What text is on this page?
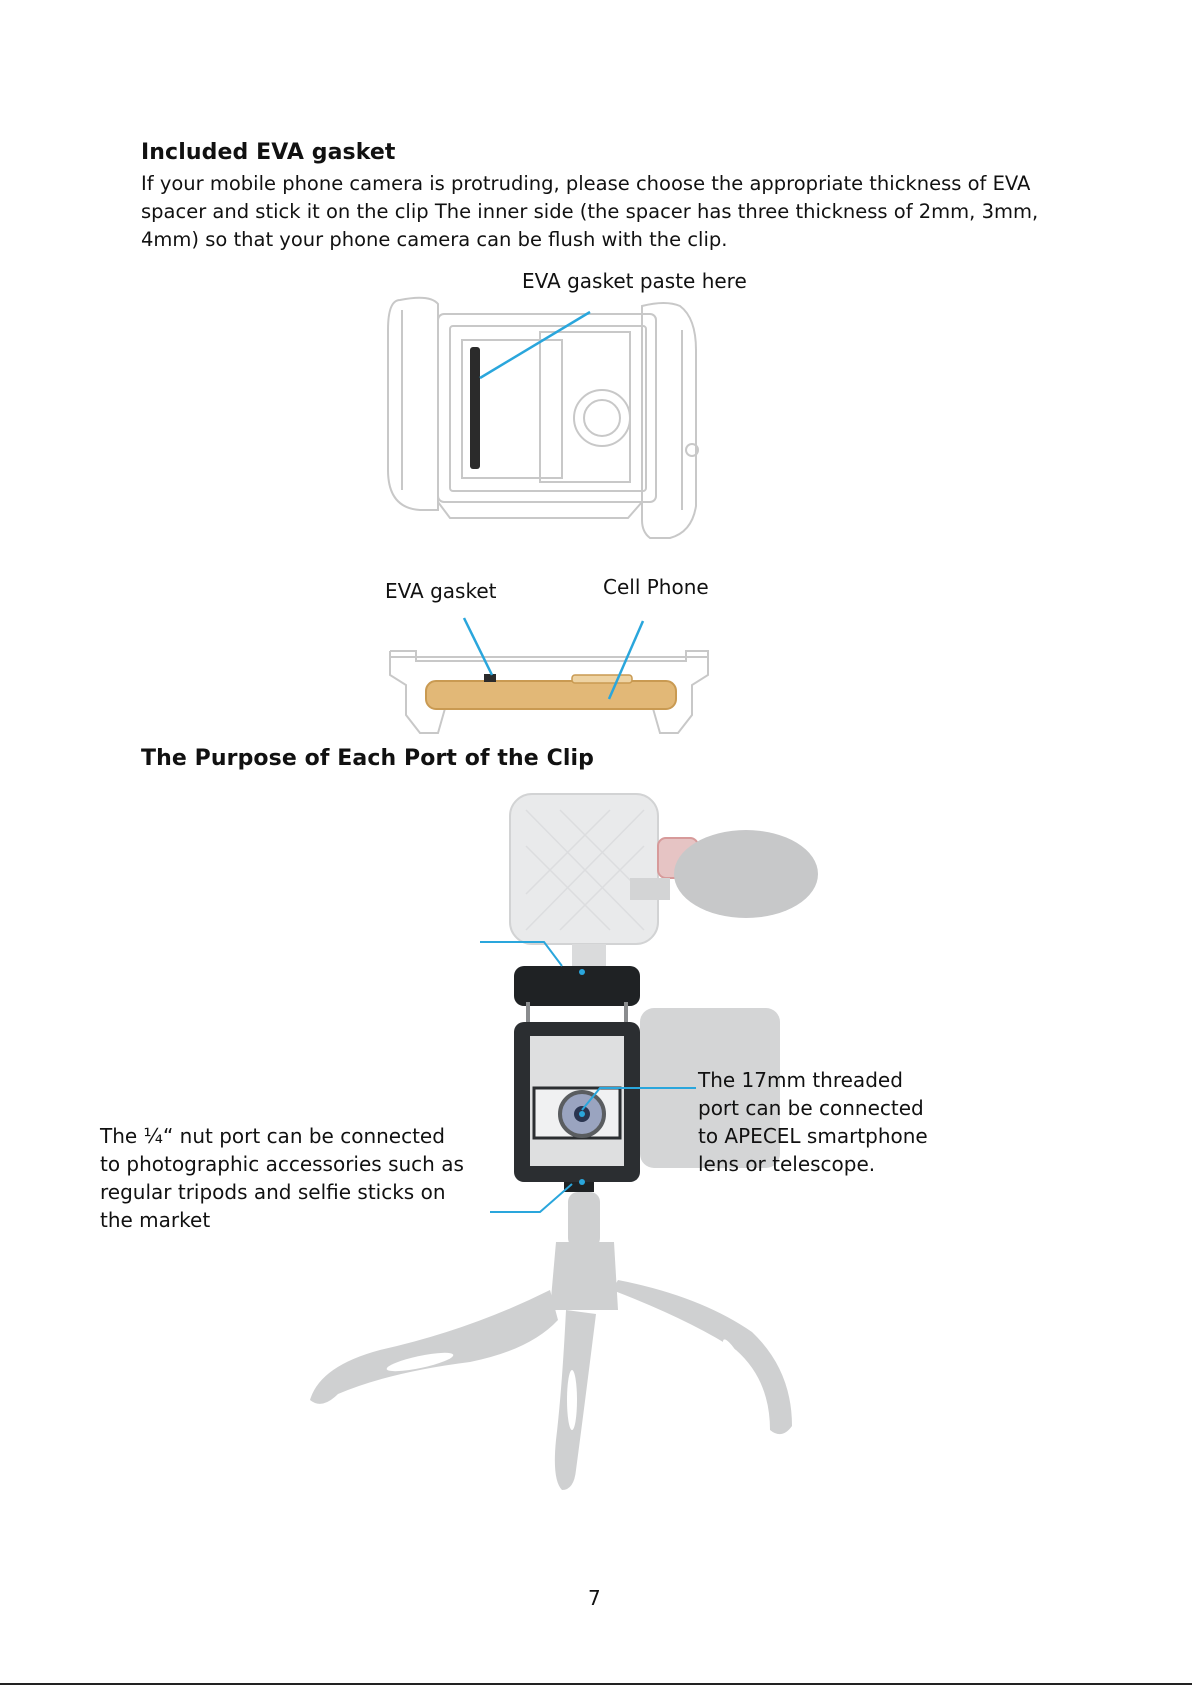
Included EVA gasket
If your mobile phone camera is protruding, please choose the appropriate thickness of EVA spacer and stick it on the clip The inner side (the spacer has three thickness of 2mm, 3mm, 4mm) so that your phone camera can be flush with the clip.
EVA gasket paste here
EVA gasket	Cell Phone
The Purpose of Each Port of the Clip
The ¼“ nut port can be connected to photographic accessories such as regular tripods and selfie sticks on the market
The 17mm threaded port can be connected to APECEL smartphone lens or telescope.
7
